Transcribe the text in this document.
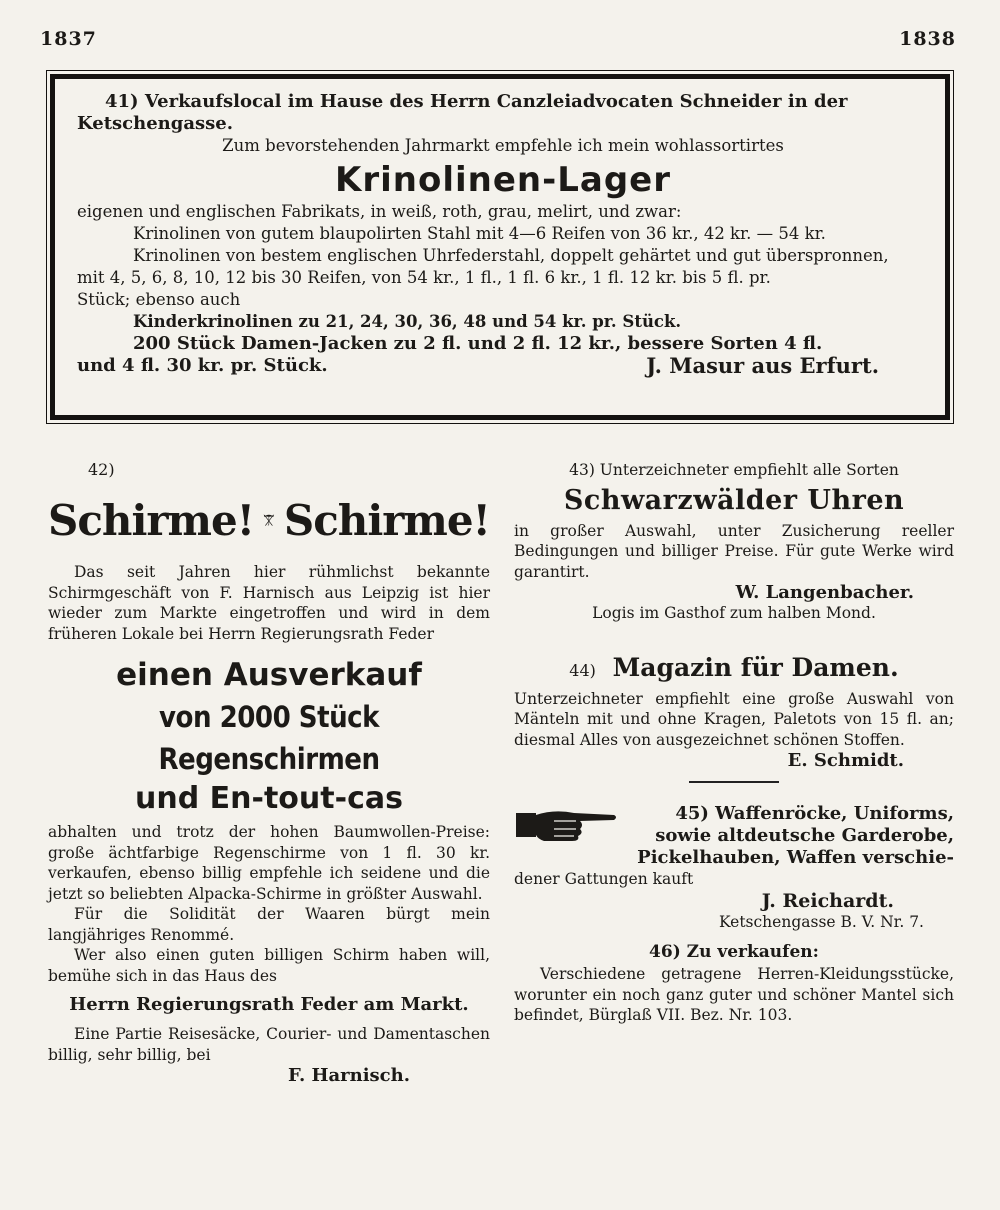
1837	1838
41) Verkaufslocal im Hause des Herrn Canzleiadvocaten Schneider in der
Ketschengasse.
Zum bevorstehenden Jahrmarkt empfehle ich mein wohlassortirtes
Krinolinen-Lager
eigenen und englischen Fabrikats, in weiß, roth, grau, melirt, und zwar:
Krinolinen von gutem blaupolirten Stahl mit 4—6 Reifen von 36 kr., 42 kr. — 54 kr.
Krinolinen von bestem englischen Uhrfederstahl, doppelt gehärtet und gut überspronnen,
mit 4, 5, 6, 8, 10, 12 bis 30 Reifen, von 54 kr., 1 fl., 1 fl. 6 kr., 1 fl. 12 kr. bis 5 fl. pr.
Stück; ebenso auch
Kinderkrinolinen zu 21, 24, 30, 36, 48 und 54 kr. pr. Stück.
200 Stück Damen-Jacken zu 2 fl. und 2 fl. 12 kr., bessere Sorten 4 fl.
und 4 fl. 30 kr. pr. Stück.	J. Masur aus Erfurt.
42)
Schirme! Schirme!

Das seit Jahren hier rühmlichst bekannte Schirmgeschäft von F. Harnisch aus Leipzig ist hier wieder zum Markte eingetroffen und wird in dem früheren Lokale bei Herrn Regierungsrath Feder

einen Ausverkauf
von 2000 Stück Regenschirmen
und En-tout-cas

abhalten und trotz der hohen Baumwollen-Preise: große ächtfarbige Regenschirme von 1 fl. 30 kr. verkaufen, ebenso billig empfehle ich seidene und die jetzt so beliebten Alpacka-Schirme in größter Auswahl.

Für die Solidität der Waaren bürgt mein langjähriges Renommé.

Wer also einen guten billigen Schirm haben will, bemühe sich in das Haus des

Herrn Regierungsrath Feder am Markt.

Eine Partie Reisesäcke, Courier- und Damentaschen billig, sehr billig, bei

F. Harnisch.
43) Unterzeichneter empfiehlt alle Sorten
Schwarzwälder Uhren
in großer Auswahl, unter Zusicherung reeller Bedingungen und billiger Preise. Für gute Werke wird garantirt.
W. Langenbacher.
Logis im Gasthof zum halben Mond.
44) Magazin für Damen.
Unterzeichneter empfiehlt eine große Auswahl von Mänteln mit und ohne Kragen, Paletots von 15 fl. an; diesmal Alles von ausgezeichnet schönen Stoffen.
E. Schmidt.
45) Waffenröcke, Uniforms,
sowie altdeutsche Garderobe,
Pickelhauben, Waffen verschie-
dener Gattungen kauft
J. Reichardt.
Ketschengasse B. V. Nr. 7.
46) Zu verkaufen:
Verschiedene getragene Herren-Kleidungsstücke, worunter ein noch ganz guter und schöner Mantel sich befindet, Bürglaß VII. Bez. Nr. 103.
